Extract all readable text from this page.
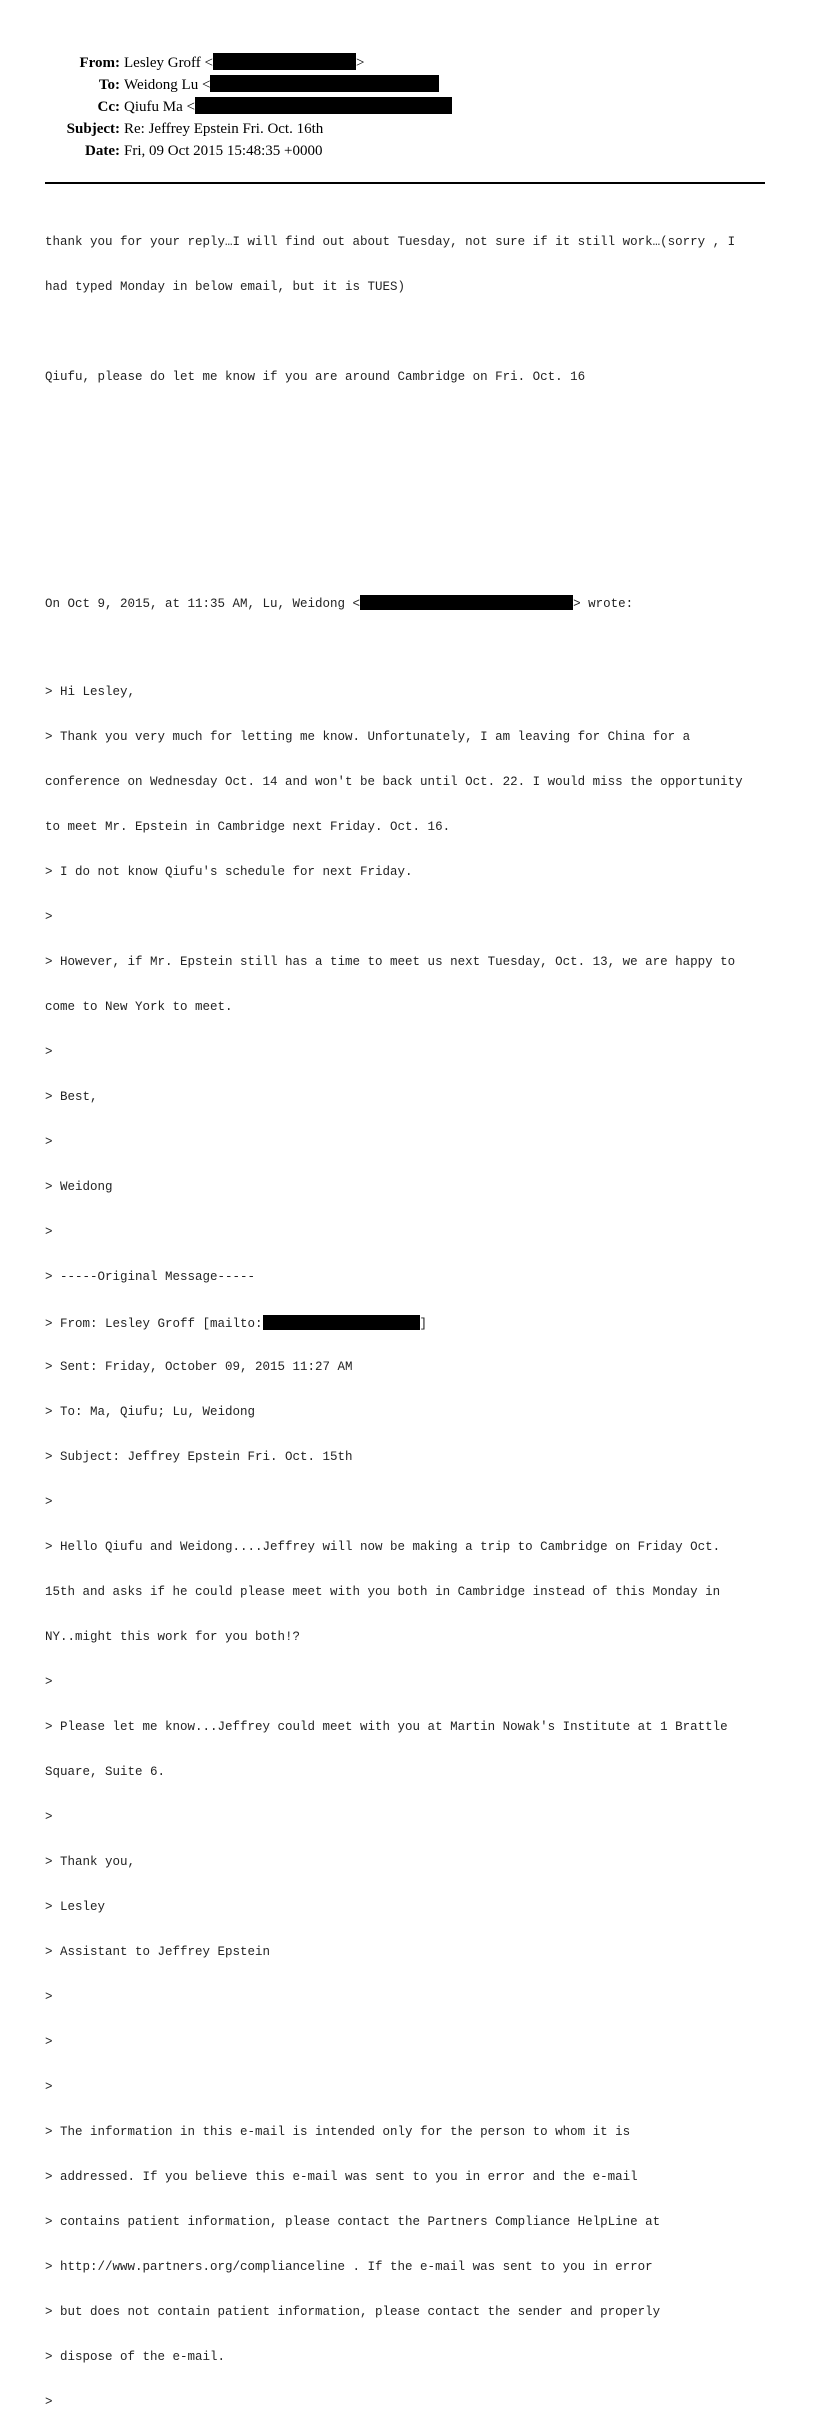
From: Lesley Groff <	>
To: Weidong Lu <
Cc: Qiufu Ma <
Subject: Re: Jeffrey Epstein Fri. Oct. 16th
Date: Fri, 09 Oct 2015 15:48:35 +0000

thank you for your reply…I will find out about Tuesday, not sure if it still work…(sorry , I

had typed Monday in below email, but it is TUES)

Qiufu, please do let me know if you are around Cambridge on Fri. Oct. 16

On Oct 9, 2015, at 11:35 AM, Lu, Weidong <	> wrote:

> Hi Lesley,

> Thank you very much for letting me know. Unfortunately, I am leaving for China for a

conference on Wednesday Oct. 14 and won't be back until Oct. 22. I would miss the opportunity

to meet Mr. Epstein in Cambridge next Friday. Oct. 16.

> I do not know Qiufu's schedule for next Friday.

>

> However, if Mr. Epstein still has a time to meet us next Tuesday, Oct. 13, we are happy to

come to New York to meet.

>

> Best,

>

> Weidong

>

> -----Original Message-----

> From: Lesley Groff [mailto:	]

> Sent: Friday, October 09, 2015 11:27 AM

> To: Ma, Qiufu; Lu, Weidong

> Subject: Jeffrey Epstein Fri. Oct. 15th

>

> Hello Qiufu and Weidong....Jeffrey will now be making a trip to Cambridge on Friday Oct.

15th and asks if he could please meet with you both in Cambridge instead of this Monday in

NY..might this work for you both!?

>

> Please let me know...Jeffrey could meet with you at Martin Nowak's Institute at 1 Brattle

Square, Suite 6.

>

> Thank you,

> Lesley

> Assistant to Jeffrey Epstein

>

>

>

> The information in this e-mail is intended only for the person to whom it is

> addressed. If you believe this e-mail was sent to you in error and the e-mail

> contains patient information, please contact the Partners Compliance HelpLine at

> http://www.partners.org/complianceline . If the e-mail was sent to you in error

> but does not contain patient information, please contact the sender and properly

> dispose of the e-mail.

>
